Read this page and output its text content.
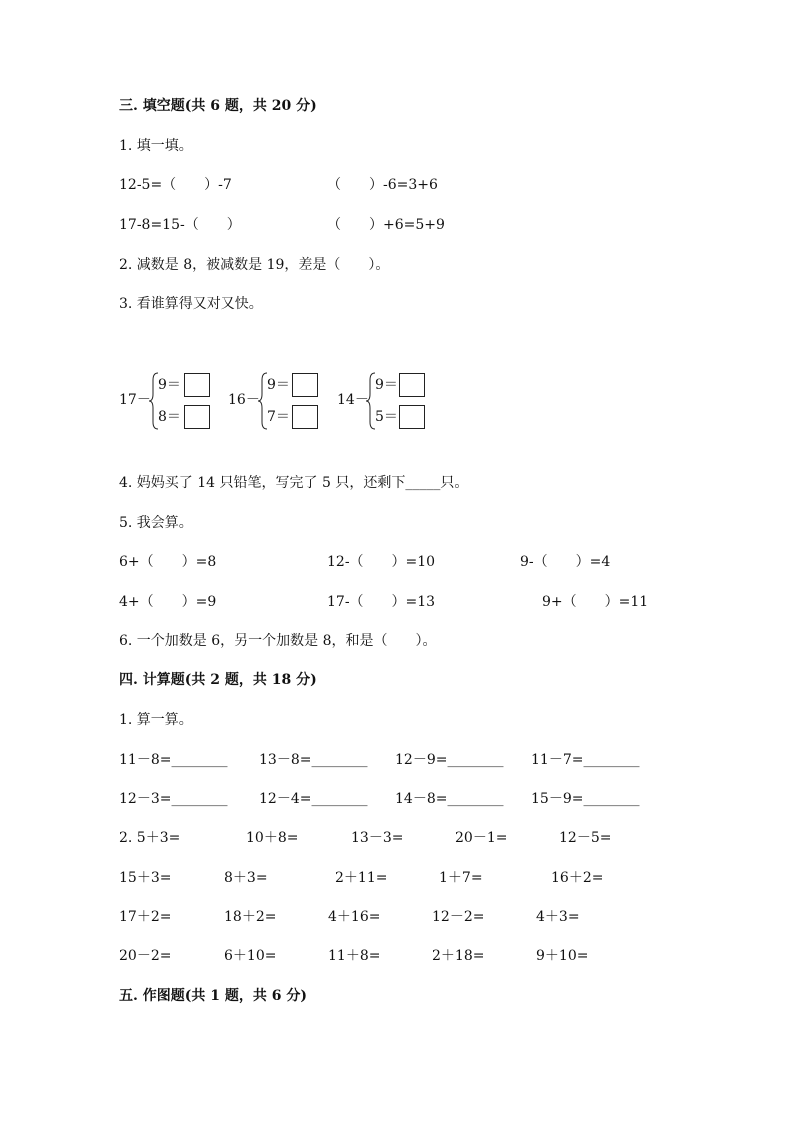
三. 填空题(共 6 题，共 20 分)
1. 填一填。
12-5=（　　）-7	（　　）-6=3+6
17-8=15-（　　）	（　　）+6=5+9
2. 减数是 8，被减数是 19，差是（　　）。
3. 看谁算得又对又快。
17－
9＝
8＝
16－
9＝
7＝
14－
9＝
5＝
4. 妈妈买了 14 只铅笔，写完了 5 只，还剩下_____只。
5. 我会算。
6+（　　）=8	12-（　　）=10	9-（　　）=4
4+（　　）=9	17-（　　）=13	9+（　　）=11
6. 一个加数是 6，另一个加数是 8，和是（　　）。
四. 计算题(共 2 题，共 18 分)
1. 算一算。
11－8=________ 13－8=________ 12－9=________ 11－7=________
12－3=________ 12－4=________ 14－8=________ 15－9=________
2. 5＋3=	10＋8=	13－3=	20－1=	12－5=
15＋3=	8＋3=	2＋11=	1＋7=	16＋2=
17＋2=	18＋2=	4＋16=	12－2=	4＋3=
20－2=	6＋10=	11＋8=	2＋18=	9＋10=
五. 作图题(共 1 题，共 6 分)
